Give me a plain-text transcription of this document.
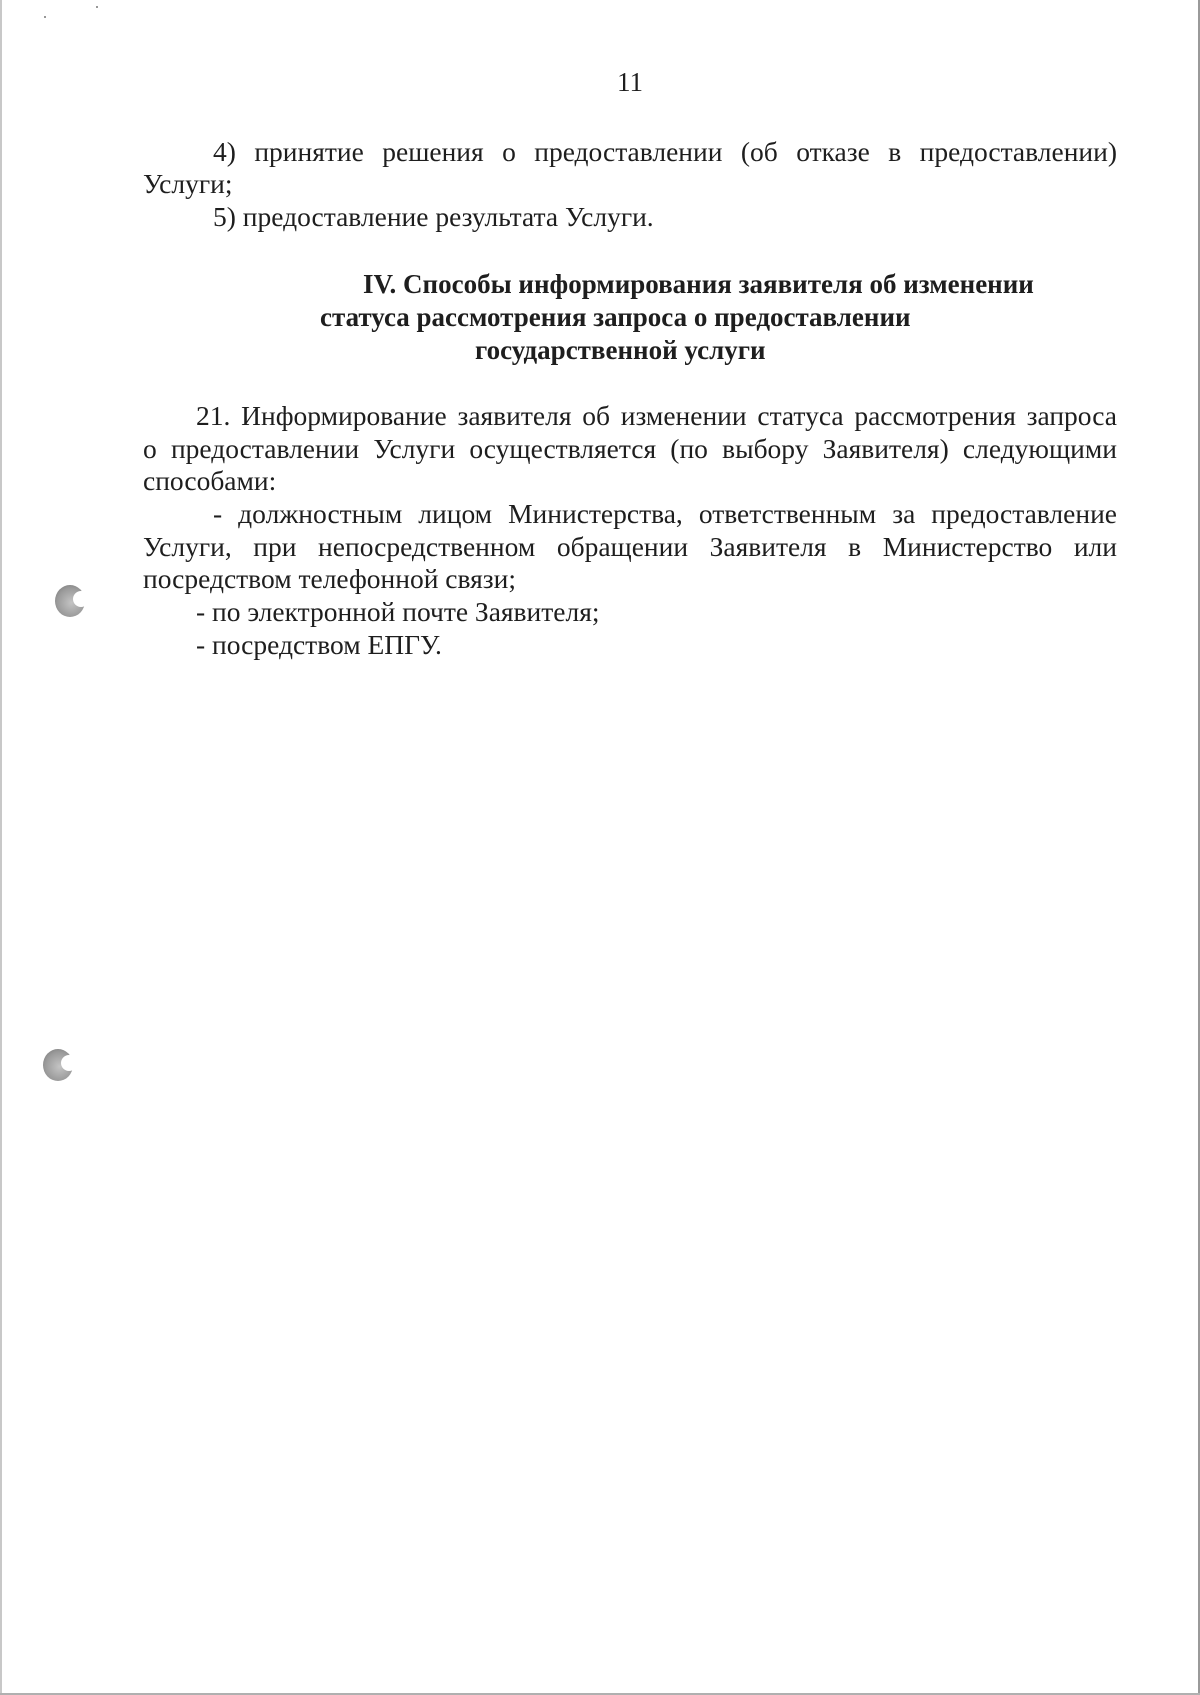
11
4) принятие решения о предоставлении (об отказе в предоставлении)
Услуги;
5) предоставление результата Услуги.
IV. Способы информирования заявителя об изменении
статуса рассмотрения запроса о предоставлении
государственной услуги
21. Информирование заявителя об изменении статуса рассмотрения запроса
о предоставлении Услуги осуществляется (по выбору Заявителя) следующими
способами:
- должностным лицом Министерства, ответственным за предоставление
Услуги, при непосредственном обращении Заявителя в Министерство или
посредством телефонной связи;
- по электронной почте Заявителя;
- посредством ЕПГУ.
